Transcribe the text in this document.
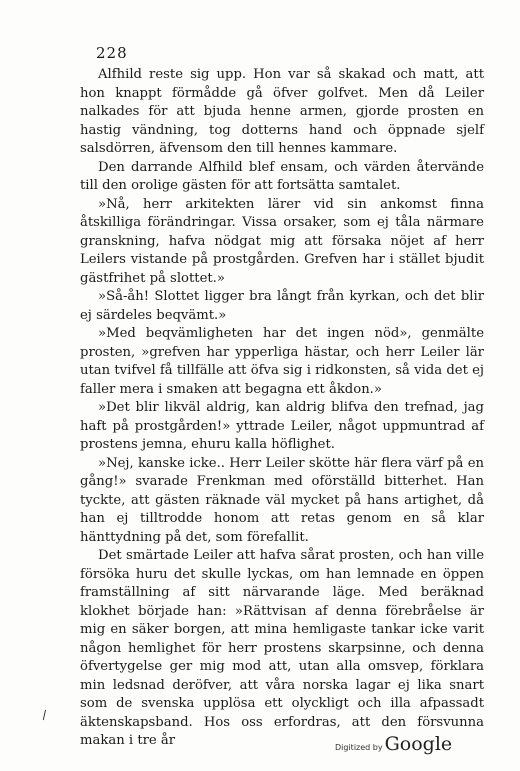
228

Alfhild reste sig upp. Hon var så skakad och matt, att hon knappt förmådde gå öfver golfvet. Men då Leiler nalkades för att bjuda henne armen, gjorde prosten en hastig vändning, tog dotterns hand och öppnade sjelf salsdörren, äfvensom den till hennes kammare.

Den darrande Alfhild blef ensam, och värden återvände till den orolige gästen för att fortsätta samtalet.

»Nå, herr arkitekten lärer vid sin ankomst finna åtskilliga förändringar. Vissa orsaker, som ej tåla närmare granskning, hafva nödgat mig att försaka nöjet af herr Leilers vistande på prostgården. Grefven har i stället bjudit gästfrihet på slottet.»

»Så-åh! Slottet ligger bra långt från kyrkan, och det blir ej särdeles beqvämt.»

»Med beqvämligheten har det ingen nöd», genmälte prosten, »grefven har ypperliga hästar, och herr Leiler lär utan tvifvel få tillfälle att öfva sig i ridkonsten, så vida det ej faller mera i smaken att begagna ett åkdon.»

»Det blir likväl aldrig, kan aldrig blifva den trefnad, jag haft på prostgården!» yttrade Leiler, något uppmuntrad af prostens jemna, ehuru kalla höflighet.

»Nej, kanske icke.. Herr Leiler skötte här flera värf på en gång!» svarade Frenkman med oförställd bitterhet. Han tyckte, att gästen räknade väl mycket på hans artighet, då han ej tilltrodde honom att retas genom en så klar hänttydning på det, som förefallit.

Det smärtade Leiler att hafva sårat prosten, och han ville försöka huru det skulle lyckas, om han lemnade en öppen framställning af sitt närvarande läge. Med beräknad klokhet började han: »Rättvisan af denna förebråelse är mig en säker borgen, att mina hemligaste tankar icke varit någon hemlighet för herr prostens skarpsinne, och denna öfvertygelse ger mig mod att, utan alla omsvep, förklara min ledsnad deröfver, att våra norska lagar ej lika snart som de svenska upplösa ett olyckligt och illa afpassadt äktenskapsband. Hos oss erfordras, att den försvunna makan i tre år

∖
Digitized by Google
